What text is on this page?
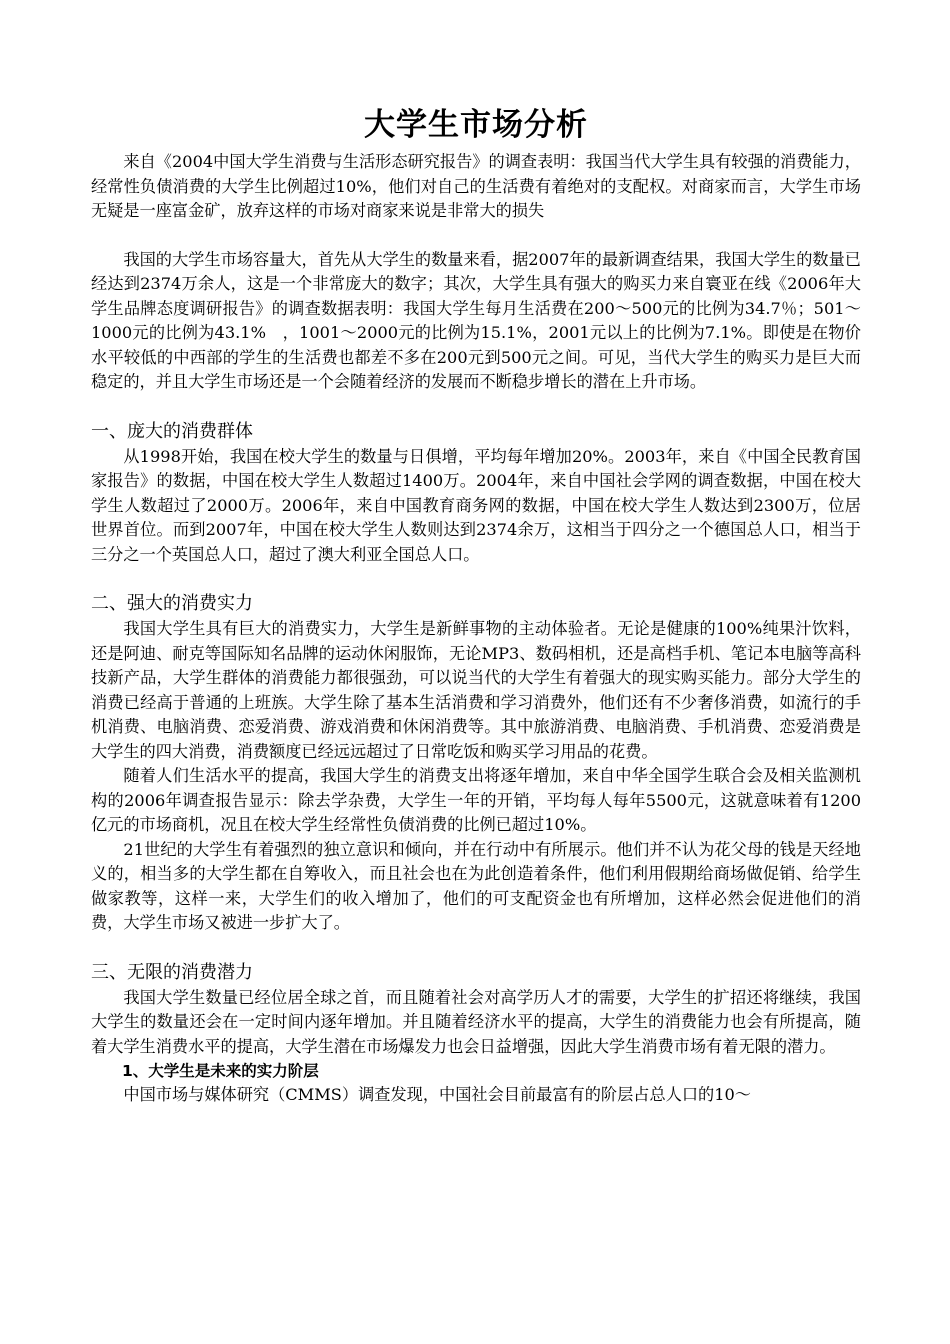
大学生市场分析

来自《2004中国大学生消费与生活形态研究报告》的调查表明：我国当代大学生具有较强的消费能力，经常性负债消费的大学生比例超过10%，他们对自己的生活费有着绝对的支配权。对商家而言，大学生市场无疑是一座富金矿，放弃这样的市场对商家来说是非常大的损失

我国的大学生市场容量大，首先从大学生的数量来看，据2007年的最新调查结果，我国大学生的数量已经达到2374万余人，这是一个非常庞大的数字；其次，大学生具有强大的购买力来自寰亚在线《2006年大学生品牌态度调研报告》的调查数据表明：我国大学生每月生活费在200～500元的比例为34.7％；501～1000元的比例为43.1%　，1001～2000元的比例为15.1%，2001元以上的比例为7.1%。即使是在物价水平较低的中西部的学生的生活费也都差不多在200元到500元之间。可见，当代大学生的购买力是巨大而稳定的，并且大学生市场还是一个会随着经济的发展而不断稳步增长的潜在上升市场。

一、庞大的消费群体

从1998开始，我国在校大学生的数量与日俱增，平均每年增加20%。2003年，来自《中国全民教育国家报告》的数据，中国在校大学生人数超过1400万。2004年，来自中国社会学网的调查数据，中国在校大学生人数超过了2000万。2006年，来自中国教育商务网的数据，中国在校大学生人数达到2300万，位居世界首位。而到2007年，中国在校大学生人数则达到2374余万，这相当于四分之一个德国总人口，相当于三分之一个英国总人口，超过了澳大利亚全国总人口。

二、强大的消费实力

我国大学生具有巨大的消费实力，大学生是新鲜事物的主动体验者。无论是健康的100%纯果汁饮料，还是阿迪、耐克等国际知名品牌的运动休闲服饰，无论MP3、数码相机，还是高档手机、笔记本电脑等高科技新产品，大学生群体的消费能力都很强劲，可以说当代的大学生有着强大的现实购买能力。部分大学生的消费已经高于普通的上班族。大学生除了基本生活消费和学习消费外，他们还有不少奢侈消费，如流行的手机消费、电脑消费、恋爱消费、游戏消费和休闲消费等。其中旅游消费、电脑消费、手机消费、恋爱消费是大学生的四大消费，消费额度已经远远超过了日常吃饭和购买学习用品的花费。

随着人们生活水平的提高，我国大学生的消费支出将逐年增加，来自中华全国学生联合会及相关监测机构的2006年调查报告显示：除去学杂费，大学生一年的开销，平均每人每年5500元，这就意味着有1200亿元的市场商机，况且在校大学生经常性负债消费的比例已超过10%。

21世纪的大学生有着强烈的独立意识和倾向，并在行动中有所展示。他们并不认为花父母的钱是天经地义的，相当多的大学生都在自筹收入，而且社会也在为此创造着条件，他们利用假期给商场做促销、给学生做家教等，这样一来，大学生们的收入增加了，他们的可支配资金也有所增加，这样必然会促进他们的消费，大学生市场又被进一步扩大了。

三、无限的消费潜力

我国大学生数量已经位居全球之首，而且随着社会对高学历人才的需要，大学生的扩招还将继续，我国大学生的数量还会在一定时间内逐年增加。并且随着经济水平的提高，大学生的消费能力也会有所提高，随着大学生消费水平的提高，大学生潜在市场爆发力也会日益增强，因此大学生消费市场有着无限的潜力。

1、大学生是未来的实力阶层

中国市场与媒体研究（CMMS）调查发现，中国社会目前最富有的阶层占总人口的10～
